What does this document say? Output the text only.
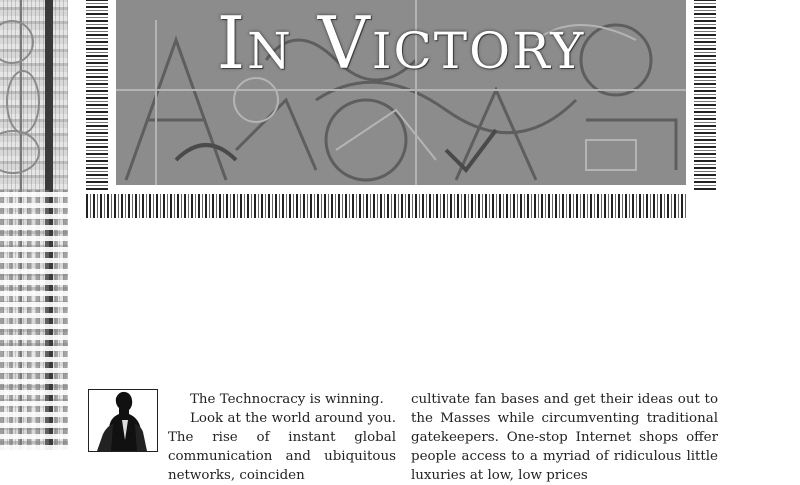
In Victory

The Technocracy is winning.

Look at the world around you. The rise of instant global communication and ubiquitous networks, coinciden

cultivate fan bases and get their ideas out to the Masses while circumventing traditional gatekeepers. One-stop Internet shops offer people access to a myriad of ridiculous little luxuries at low, low prices
